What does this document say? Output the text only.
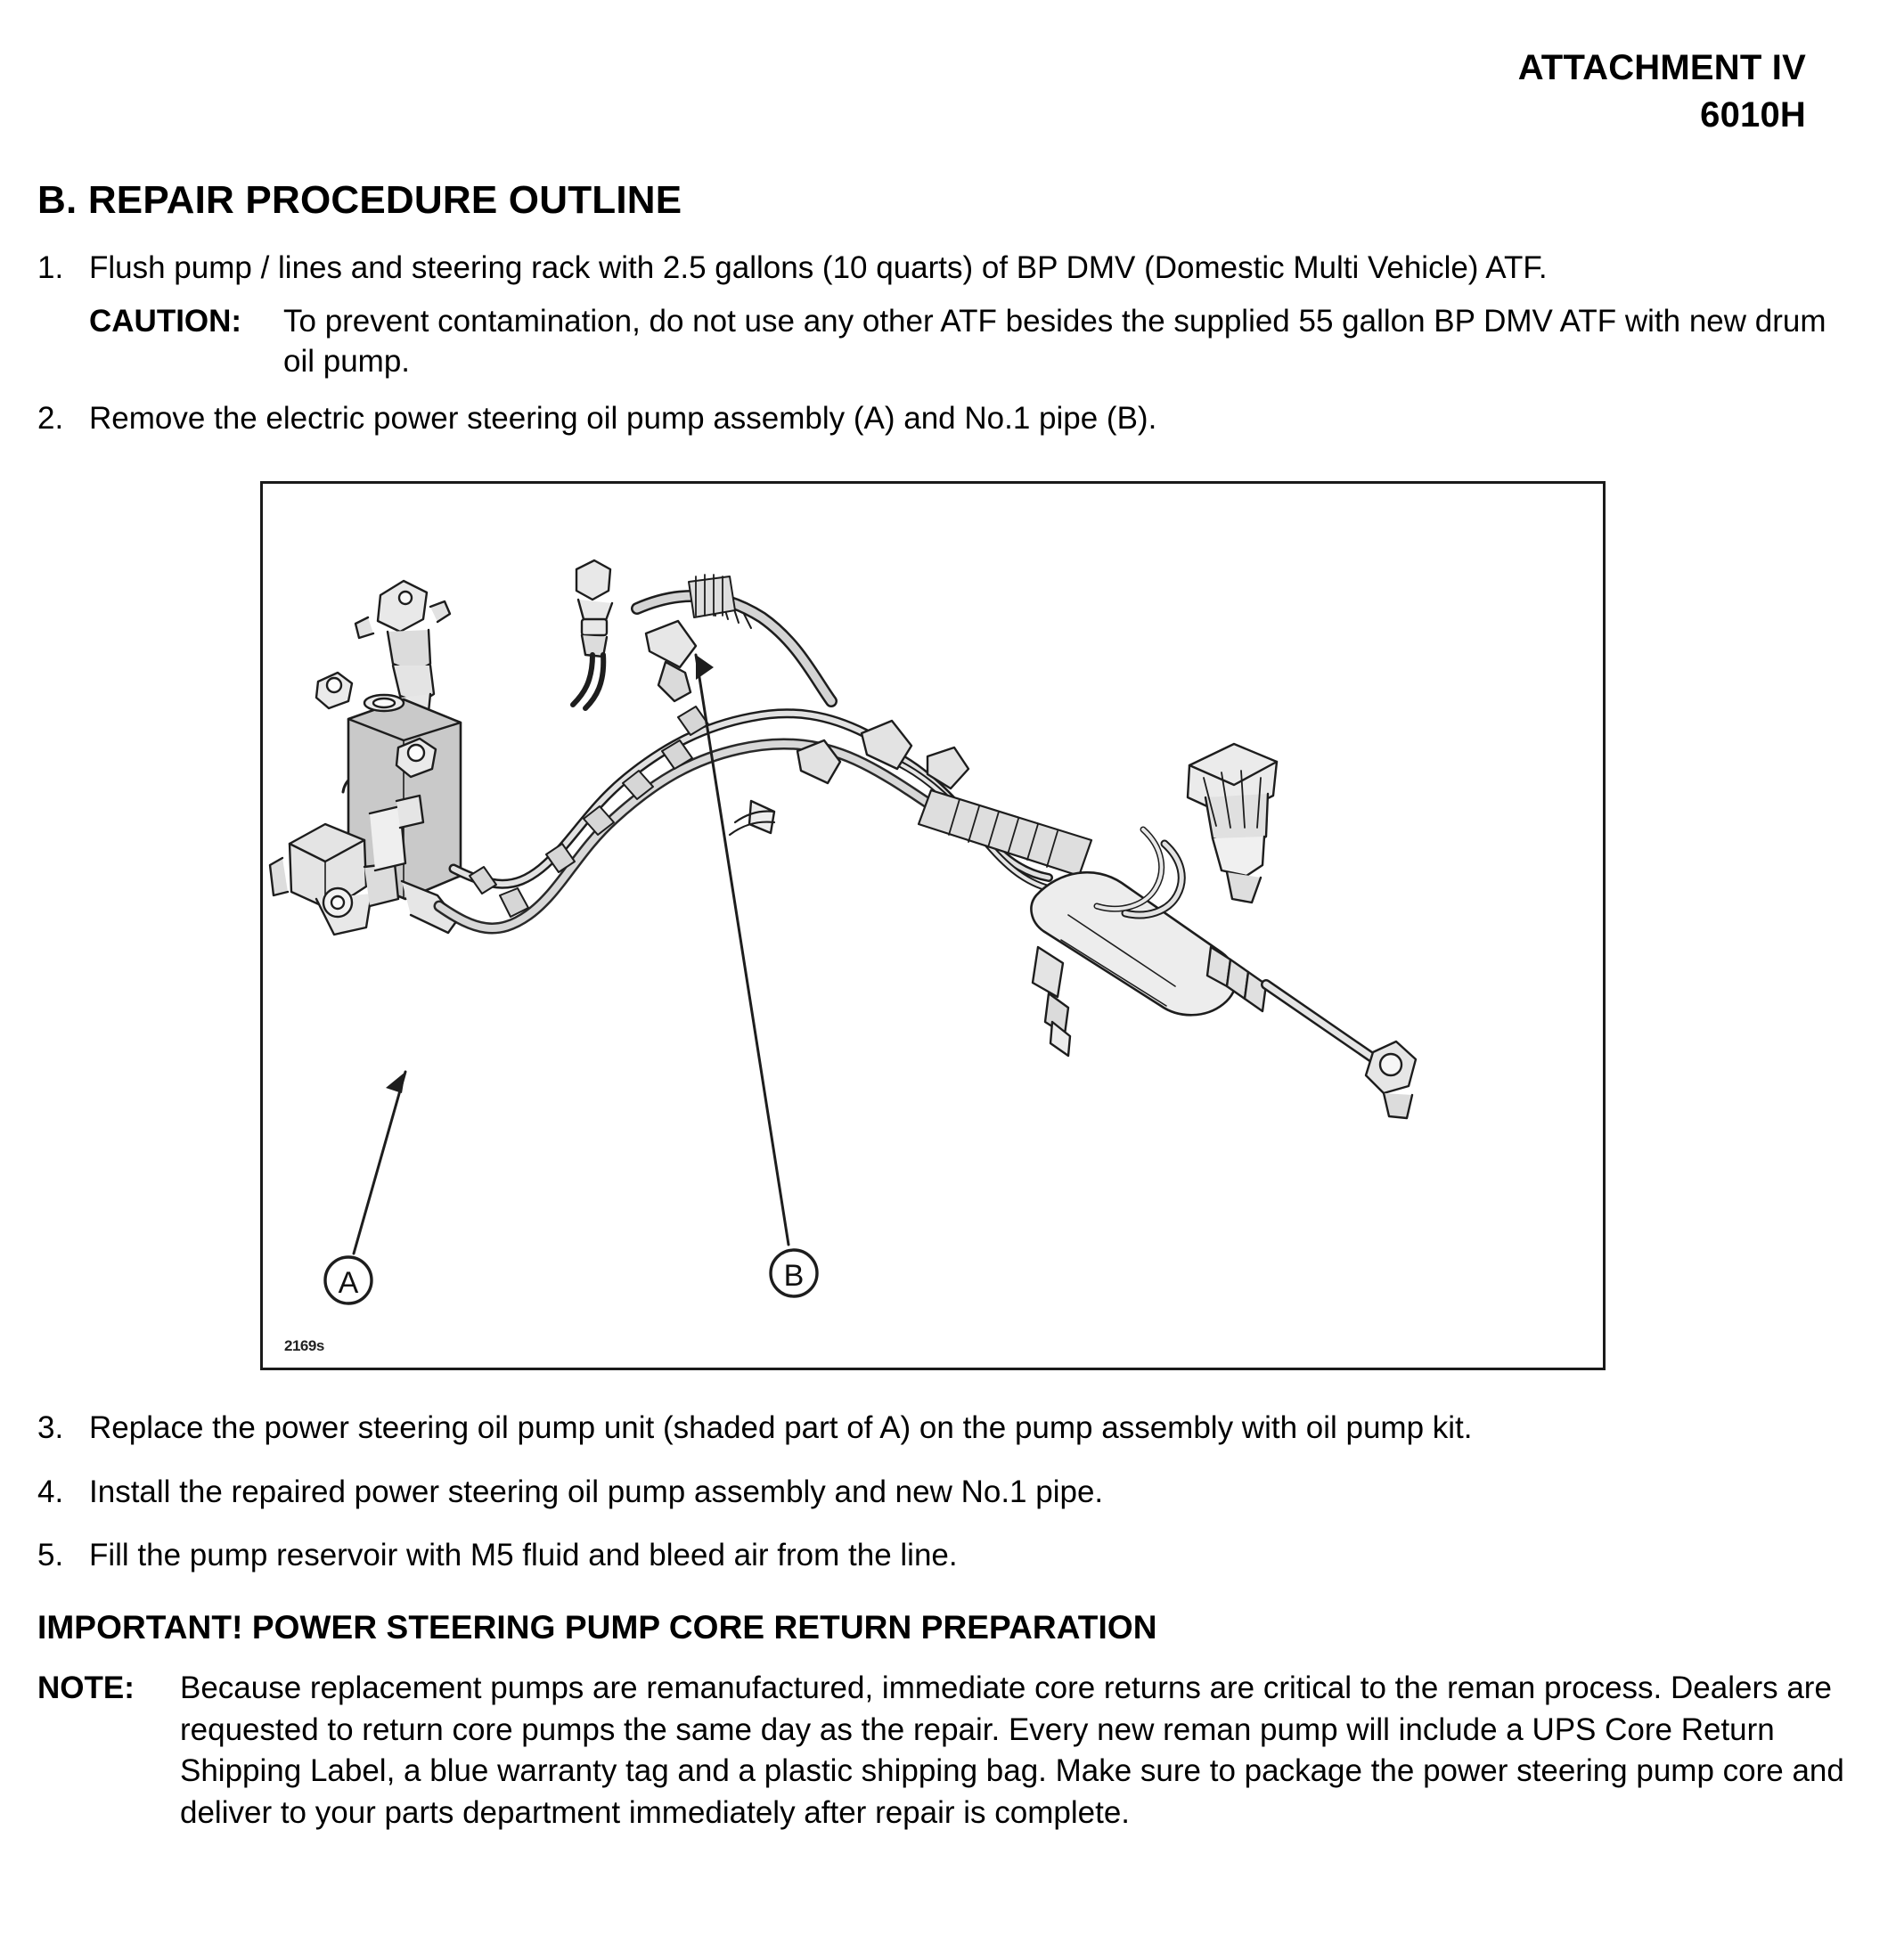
ATTACHMENT IV
6010H
B. REPAIR PROCEDURE OUTLINE
1. Flush pump / lines and steering rack with 2.5 gallons (10 quarts) of BP DMV (Domestic Multi Vehicle) ATF.
CAUTION:	To prevent contamination, do not use any other ATF besides the supplied 55 gallon BP DMV ATF with new drum oil pump.
2. Remove the electric power steering oil pump assembly (A) and No.1 pipe (B).
A	B
2169s
3. Replace the power steering oil pump unit (shaded part of A) on the pump assembly with oil pump kit.
4. Install the repaired power steering oil pump assembly and new No.1 pipe.
5. Fill the pump reservoir with M5 fluid and bleed air from the line.
IMPORTANT! POWER STEERING PUMP CORE RETURN PREPARATION
NOTE:	Because replacement pumps are remanufactured, immediate core returns are critical to the reman process. Dealers are requested to return core pumps the same day as the repair. Every new reman pump will include a UPS Core Return Shipping Label, a blue warranty tag and a plastic shipping bag. Make sure to package the power steering pump core and deliver to your parts department immediately after repair is complete.
